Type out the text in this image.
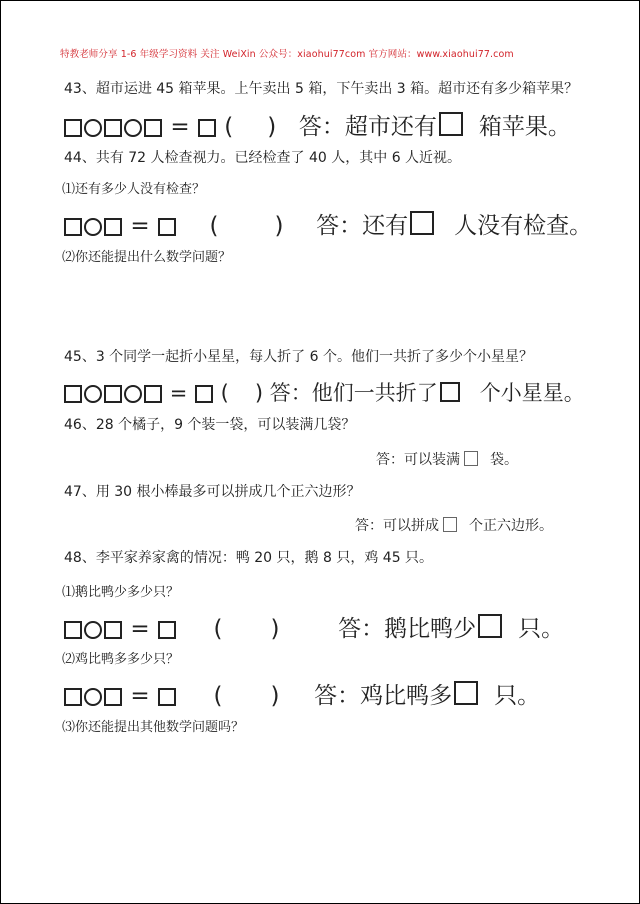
特教老师分享 1-6 年级学习资料 关注 WeiXin 公众号：xiaohui77com 官方网站：www.xiaohui77.com
43、超市运进 45 箱苹果。上午卖出 5 箱，下午卖出 3 箱。超市还有多少箱苹果？
= ( ) 答：超市还有 箱苹果。
44、共有 72 人检查视力。已经检查了 40 人，其中 6 人近视。
⑴还有多少人没有检查？
=	( ) 答：还有 人没有检查。
⑵你还能提出什么数学问题？
45、3 个同学一起折小星星，每人折了 6 个。他们一共折了多少个小星星？
= ( ) 答：他们一共折了 个小星星。
46、28 个橘子，9 个装一袋，可以装满几袋？
答：可以装满 袋。
47、用 30 根小棒最多可以拼成几个正六边形？
答：可以拼成 个正六边形。
48、李平家养家禽的情况：鸭 20 只，鹅 8 只，鸡 45 只。
⑴鹅比鸭少多少只？
=	( )	答：鹅比鸭少 只。
⑵鸡比鸭多多少只？
=	( ) 答：鸡比鸭多 只。
⑶你还能提出其他数学问题吗？
